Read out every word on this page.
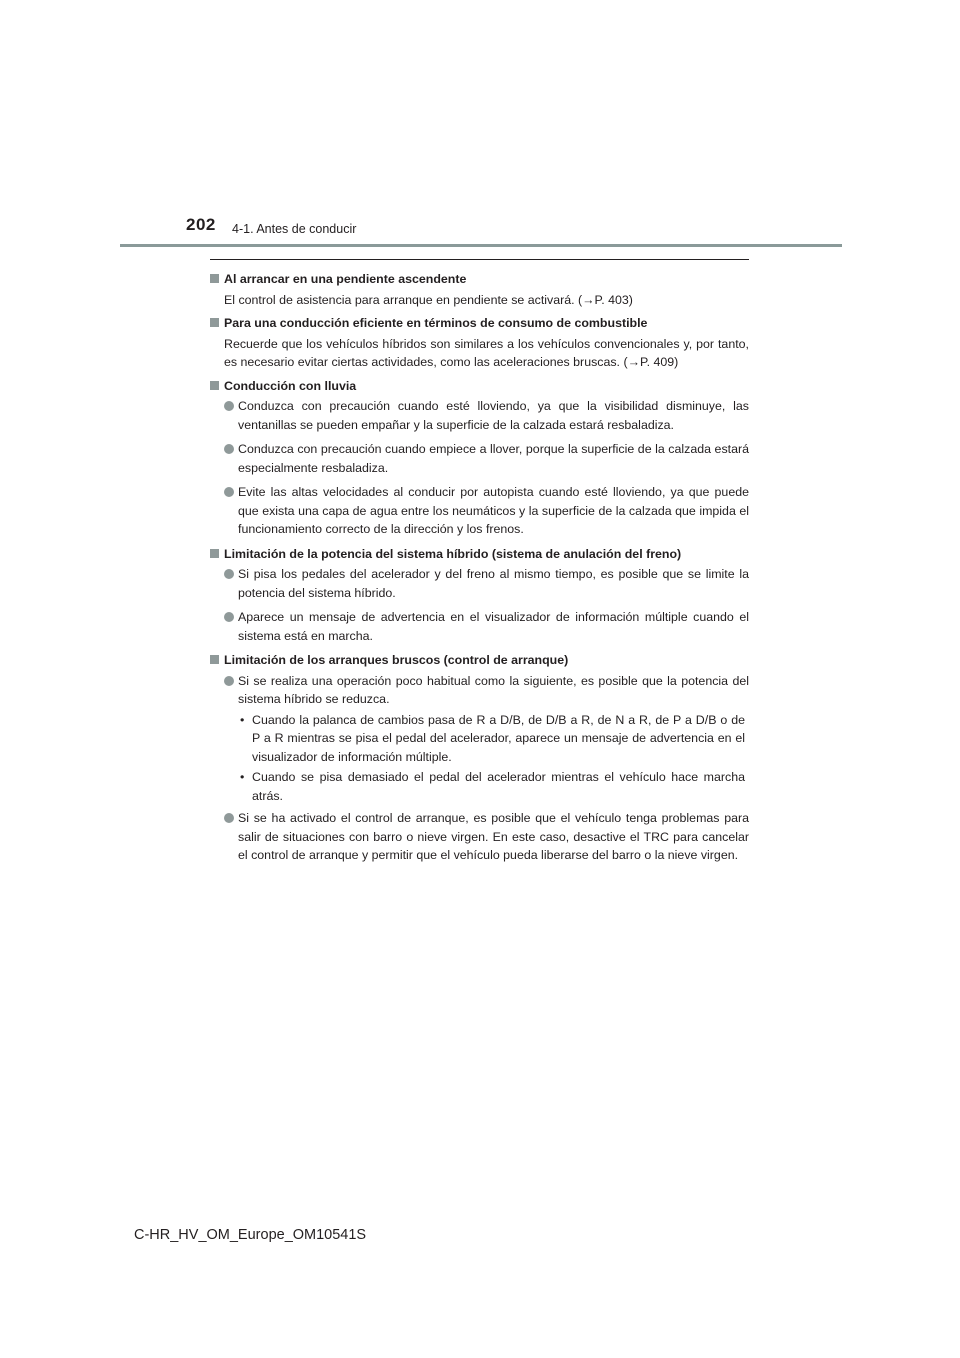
202 4-1. Antes de conducir
Al arrancar en una pendiente ascendente
El control de asistencia para arranque en pendiente se activará. (→P. 403)
Para una conducción eficiente en términos de consumo de combustible
Recuerde que los vehículos híbridos son similares a los vehículos convencionales y, por tanto, es necesario evitar ciertas actividades, como las aceleraciones bruscas. (→P. 409)
Conducción con lluvia
Conduzca con precaución cuando esté lloviendo, ya que la visibilidad disminuye, las ventanillas se pueden empañar y la superficie de la calzada estará resbaladiza.
Conduzca con precaución cuando empiece a llover, porque la superficie de la calzada estará especialmente resbaladiza.
Evite las altas velocidades al conducir por autopista cuando esté lloviendo, ya que puede que exista una capa de agua entre los neumáticos y la superficie de la calzada que impida el funcionamiento correcto de la dirección y los frenos.
Limitación de la potencia del sistema híbrido (sistema de anulación del freno)
Si pisa los pedales del acelerador y del freno al mismo tiempo, es posible que se limite la potencia del sistema híbrido.
Aparece un mensaje de advertencia en el visualizador de información múltiple cuando el sistema está en marcha.
Limitación de los arranques bruscos (control de arranque)
Si se realiza una operación poco habitual como la siguiente, es posible que la potencia del sistema híbrido se reduzca.
• Cuando la palanca de cambios pasa de R a D/B, de D/B a R, de N a R, de P a D/B o de P a R mientras se pisa el pedal del acelerador, aparece un mensaje de advertencia en el visualizador de información múltiple.
• Cuando se pisa demasiado el pedal del acelerador mientras el vehículo hace marcha atrás.
Si se ha activado el control de arranque, es posible que el vehículo tenga problemas para salir de situaciones con barro o nieve virgen. En este caso, desactive el TRC para cancelar el control de arranque y permitir que el vehículo pueda liberarse del barro o la nieve virgen.
C-HR_HV_OM_Europe_OM10541S
